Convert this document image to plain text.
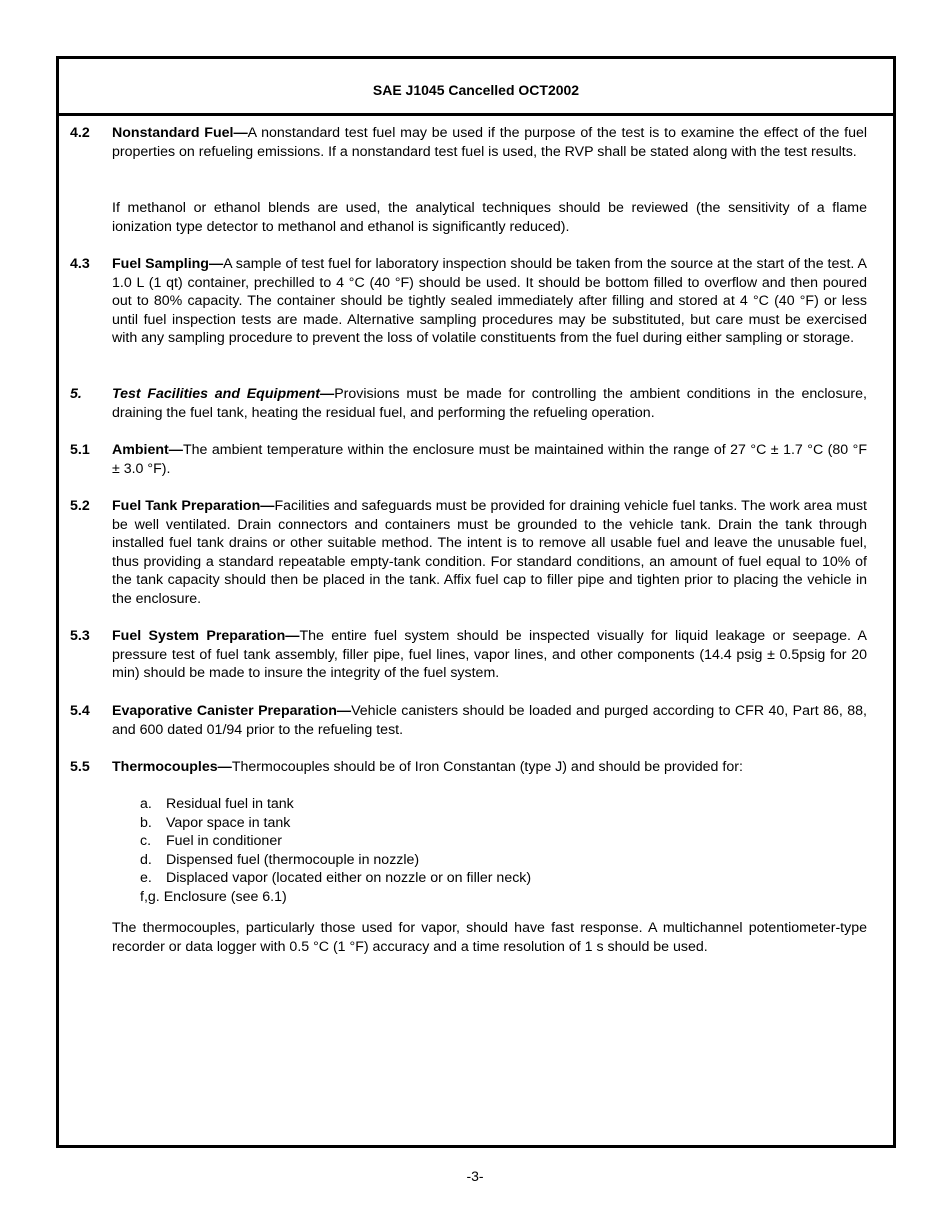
SAE J1045 Cancelled OCT2002
4.2 Nonstandard Fuel—A nonstandard test fuel may be used if the purpose of the test is to examine the effect of the fuel properties on refueling emissions. If a nonstandard test fuel is used, the RVP shall be stated along with the test results.
If methanol or ethanol blends are used, the analytical techniques should be reviewed (the sensitivity of a flame ionization type detector to methanol and ethanol is significantly reduced).
4.3 Fuel Sampling—A sample of test fuel for laboratory inspection should be taken from the source at the start of the test. A 1.0 L (1 qt) container, prechilled to 4 °C (40 °F) should be used. It should be bottom filled to overflow and then poured out to 80% capacity. The container should be tightly sealed immediately after filling and stored at 4 °C (40 °F) or less until fuel inspection tests are made. Alternative sampling procedures may be substituted, but care must be exercised with any sampling procedure to prevent the loss of volatile constituents from the fuel during either sampling or storage.
5. Test Facilities and Equipment—Provisions must be made for controlling the ambient conditions in the enclosure, draining the fuel tank, heating the residual fuel, and performing the refueling operation.
5.1 Ambient—The ambient temperature within the enclosure must be maintained within the range of 27 °C ± 1.7 °C (80 °F ± 3.0 °F).
5.2 Fuel Tank Preparation—Facilities and safeguards must be provided for draining vehicle fuel tanks. The work area must be well ventilated. Drain connectors and containers must be grounded to the vehicle tank. Drain the tank through installed fuel tank drains or other suitable method. The intent is to remove all usable fuel and leave the unusable fuel, thus providing a standard repeatable empty-tank condition. For standard conditions, an amount of fuel equal to 10% of the tank capacity should then be placed in the tank. Affix fuel cap to filler pipe and tighten prior to placing the vehicle in the enclosure.
5.3 Fuel System Preparation—The entire fuel system should be inspected visually for liquid leakage or seepage. A pressure test of fuel tank assembly, filler pipe, fuel lines, vapor lines, and other components (14.4 psig ± 0.5psig for 20 min) should be made to insure the integrity of the fuel system.
5.4 Evaporative Canister Preparation—Vehicle canisters should be loaded and purged according to CFR 40, Part 86, 88, and 600 dated 01/94 prior to the refueling test.
5.5 Thermocouples—Thermocouples should be of Iron Constantan (type J) and should be provided for:
a. Residual fuel in tank
b. Vapor space in tank
c.	Fuel in conditioner
d. Dispensed fuel (thermocouple in nozzle)
e. Displaced vapor (located either on nozzle or on filler neck)
f,g. Enclosure (see 6.1)
The thermocouples, particularly those used for vapor, should have fast response. A multichannel potentiometer-type recorder or data logger with 0.5 °C (1 °F) accuracy and a time resolution of 1 s should be used.
-3-
